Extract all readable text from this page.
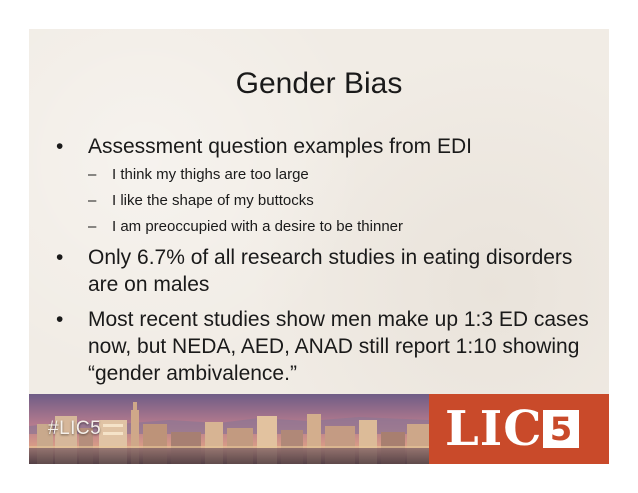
Gender Bias
• Assessment question examples from EDI
– I think my thighs are too large
– I like the shape of my buttocks
– I am preoccupied with a desire to be thinner
• Only 6.7% of all research studies in eating disorders are on males
• Most recent studies show men make up 1:3 ED cases now, but NEDA, AED, ANAD still report 1:10 showing “gender ambivalence.”
#LIC5	LIC 5
